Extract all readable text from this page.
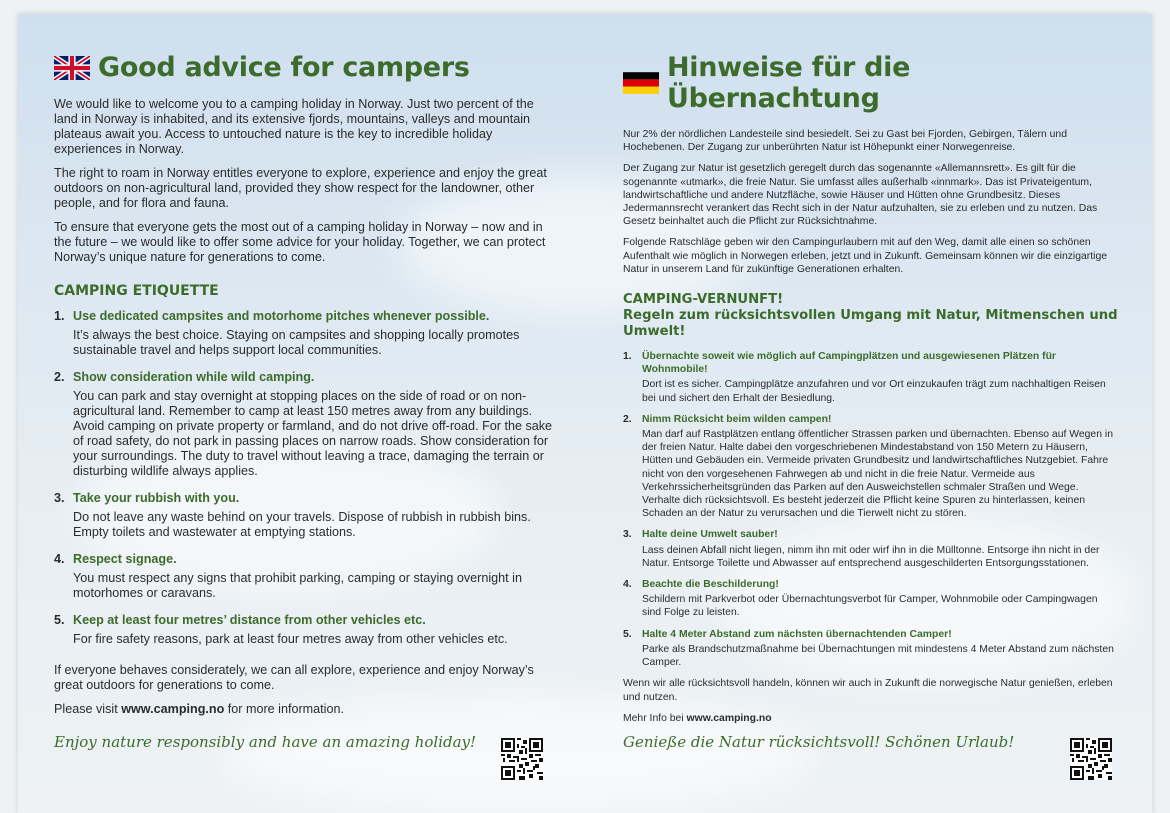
Good advice for campers

We would like to welcome you to a camping holiday in Norway. Just two percent of the land in Norway is inhabited, and its extensive fjords, mountains, valleys and mountain plateaus await you. Access to untouched nature is the key to incredible holiday experiences in Norway.

The right to roam in Norway entitles everyone to explore, experience and enjoy the great outdoors on non-agricultural land, provided they show respect for the landowner, other people, and for flora and fauna.

To ensure that everyone gets the most out of a camping holiday in Norway – now and in the future – we would like to offer some advice for your holiday. Together, we can protect Norway’s unique nature for generations to come.

CAMPING ETIQUETTE
1. Use dedicated campsites and motorhome pitches whenever possible.
It’s always the best choice. Staying on campsites and shopping locally promotes sustainable travel and helps support local communities.
2. Show consideration while wild camping.
You can park and stay overnight at stopping places on the side of road or on non-agricultural land. Remember to camp at least 150 metres away from any buildings. Avoid camping on private property or farmland, and do not drive off-road. For the sake of road safety, do not park in passing places on narrow roads. Show consideration for your surroundings. The duty to travel without leaving a trace, damaging the terrain or disturbing wildlife always applies.
3. Take your rubbish with you.
Do not leave any waste behind on your travels. Dispose of rubbish in rubbish bins. Empty toilets and wastewater at emptying stations.
4. Respect signage.
You must respect any signs that prohibit parking, camping or staying overnight in motorhomes or caravans.
5. Keep at least four metres’ distance from other vehicles etc.
For fire safety reasons, park at least four metres away from other vehicles etc.

If everyone behaves considerately, we can all explore, experience and enjoy Norway’s great outdoors for generations to come.

Please visit www.camping.no for more information.

Enjoy nature responsibly and have an amazing holiday!
Hinweise für die Übernachtung

Nur 2% der nördlichen Landesteile sind besiedelt. Sei zu Gast bei Fjorden, Gebirgen, Tälern und Hochebenen. Der Zugang zur unberührten Natur ist Höhepunkt einer Norwegenreise.

Der Zugang zur Natur ist gesetzlich geregelt durch das sogenannte «Allemannsrett». Es gilt für die sogenannte «utmark», die freie Natur. Sie umfasst alles außerhalb «innmark». Das ist Privateigentum, landwirtschaftliche und andere Nutzfläche, sowie Häuser und Hütten ohne Grundbesitz. Dieses Jedermannsrecht verankert das Recht sich in der Natur aufzuhalten, sie zu erleben und zu nutzen. Das Gesetz beinhaltet auch die Pflicht zur Rücksichtnahme.

Folgende Ratschläge geben wir den Campingurlaubern mit auf den Weg, damit alle einen so schönen Aufenthalt wie möglich in Norwegen erleben, jetzt und in Zukunft. Gemeinsam können wir die einzigartige Natur in unserem Land für zukünftige Generationen erhalten.

CAMPING-VERNUNFT!
Regeln zum rücksichtsvollen Umgang mit Natur, Mitmenschen und Umwelt!
1. Übernachte soweit wie möglich auf Campingplätzen und ausgewiesenen Plätzen für Wohnmobile!
Dort ist es sicher. Campingplätze anzufahren und vor Ort einzukaufen trägt zum nachhaltigen Reisen bei und sichert den Erhalt der Besiedlung.
2. Nimm Rücksicht beim wilden campen!
Man darf auf Rastplätzen entlang öffentlicher Strassen parken und übernachten. Ebenso auf Wegen in der freien Natur. Halte dabei den vorgeschriebenen Mindestabstand von 150 Metern zu Häusern, Hütten und Gebäuden ein. Vermeide privaten Grundbesitz und landwirtschaftliches Nutzgebiet. Fahre nicht von den vorgesehenen Fahrwegen ab und nicht in die freie Natur. Vermeide aus Verkehrssicherheitsgründen das Parken auf den Ausweichstellen schmaler Straßen und Wege. Verhalte dich rücksichtsvoll. Es besteht jederzeit die Pflicht keine Spuren zu hinterlassen, keinen Schaden an der Natur zu verursachen und die Tierwelt nicht zu stören.
3. Halte deine Umwelt sauber!
Lass deinen Abfall nicht liegen, nimm ihn mit oder wirf ihn in die Mülltonne. Entsorge ihn nicht in der Natur. Entsorge Toilette und Abwasser auf entsprechend ausgeschilderten Entsorgungsstationen.
4. Beachte die Beschilderung!
Schildern mit Parkverbot oder Übernachtungsverbot für Camper, Wohnmobile oder Campingwagen sind Folge zu leisten.
5. Halte 4 Meter Abstand zum nächsten übernachtenden Camper!
Parke als Brandschutzmaßnahme bei Übernachtungen mit mindestens 4 Meter Abstand zum nächsten Camper.

Wenn wir alle rücksichtsvoll handeln, können wir auch in Zukunft die norwegische Natur genießen, erleben und nutzen.

Mehr Info bei www.camping.no

Genieße die Natur rücksichtsvoll! Schönen Urlaub!
